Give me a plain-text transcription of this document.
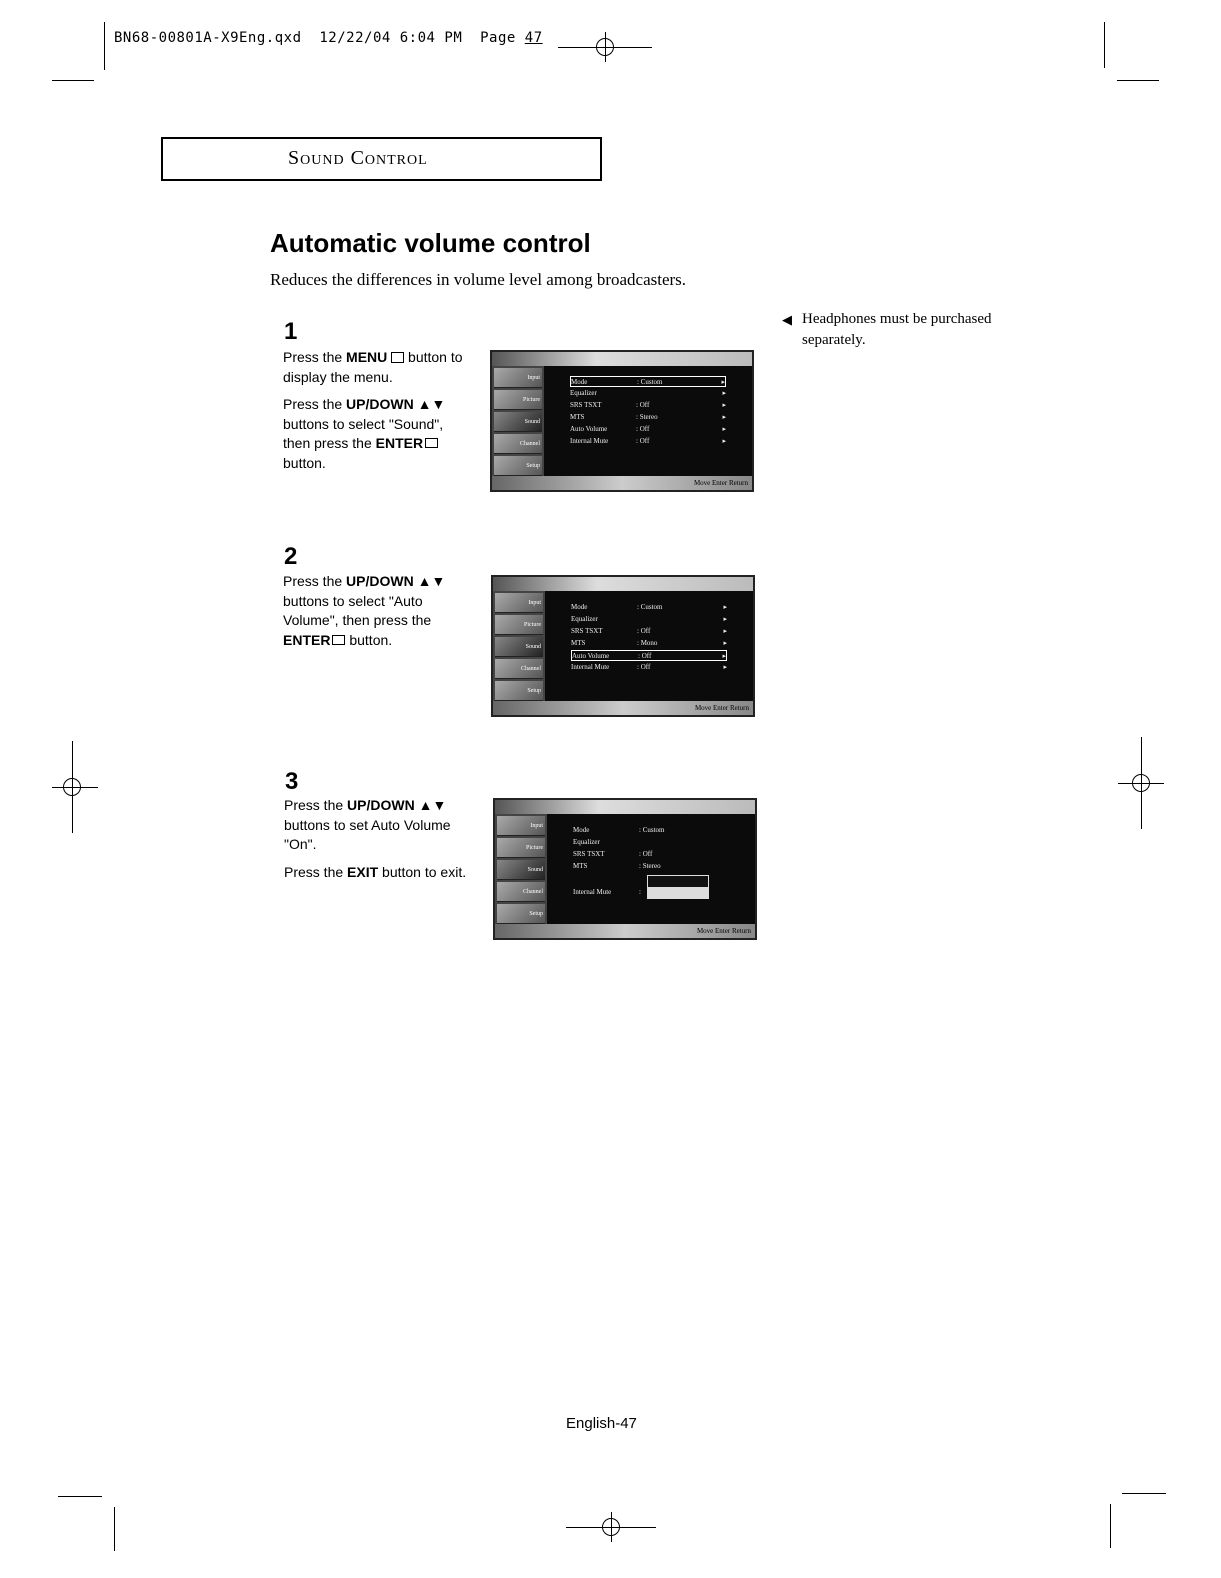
BN68-00801A-X9Eng.qxd 12/22/04 6:04 PM Page 47
Sound Control
Automatic volume control
Reduces the differences in volume level among broadcasters.
◀ Headphones must be purchased separately.
1

Press the MENU  button to display the menu.

Press the UP/DOWN ▲▼ buttons to select "Sound", then press the ENTER button.

Input
Picture
Sound
Channel
Setup
Mode	: Custom	▸
Equalizer	▸
SRS TSXT	: Off	▸
MTS	: Stereo	▸
Auto Volume	: Off	▸
Internal Mute	: Off	▸
Move Enter Return
2

Press the UP/DOWN ▲▼ buttons to select "Auto Volume", then press the ENTER button.

Input
Picture
Sound
Channel
Setup
Mode	: Custom	▸
Equalizer	▸
SRS TSXT	: Off	▸
MTS	: Mono	▸
Auto Volume	: Off	▸
Internal Mute	: Off	▸
Move Enter Return
3

Press the UP/DOWN ▲▼ buttons to set Auto Volume "On".

Press the EXIT button to exit.

Input
Picture
Sound
Channel
Setup
Mode	: Custom
Equalizer
SRS TSXT	: Off
MTS	: Stereo
Internal Mute	:
Move Enter Return
English-47
